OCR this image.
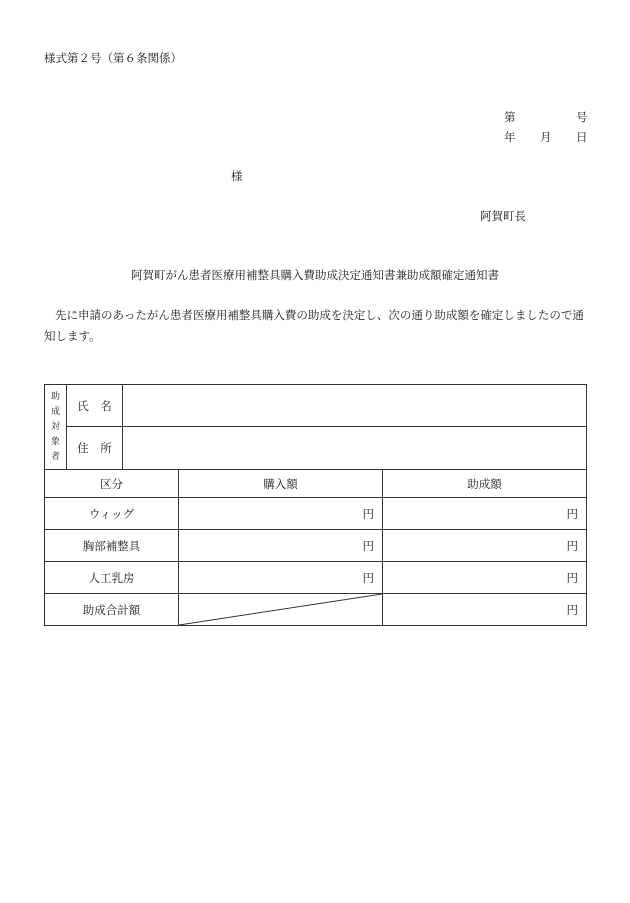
様式第２号（第６条関係）
第	号
年 月 日
様
阿賀町長
阿賀町がん患者医療用補整具購入費助成決定通知書兼助成額確定通知書
先に申請のあったがん患者医療用補整具購入費の助成を決定し、次の通り助成額を確定しましたので通知します。
助
成
対
象
者	氏　名			
	住　所			
区分			購入額	助成額
ウィッグ			円	円
胸部補整具			円	円
人工乳房			円	円
助成合計額				円
